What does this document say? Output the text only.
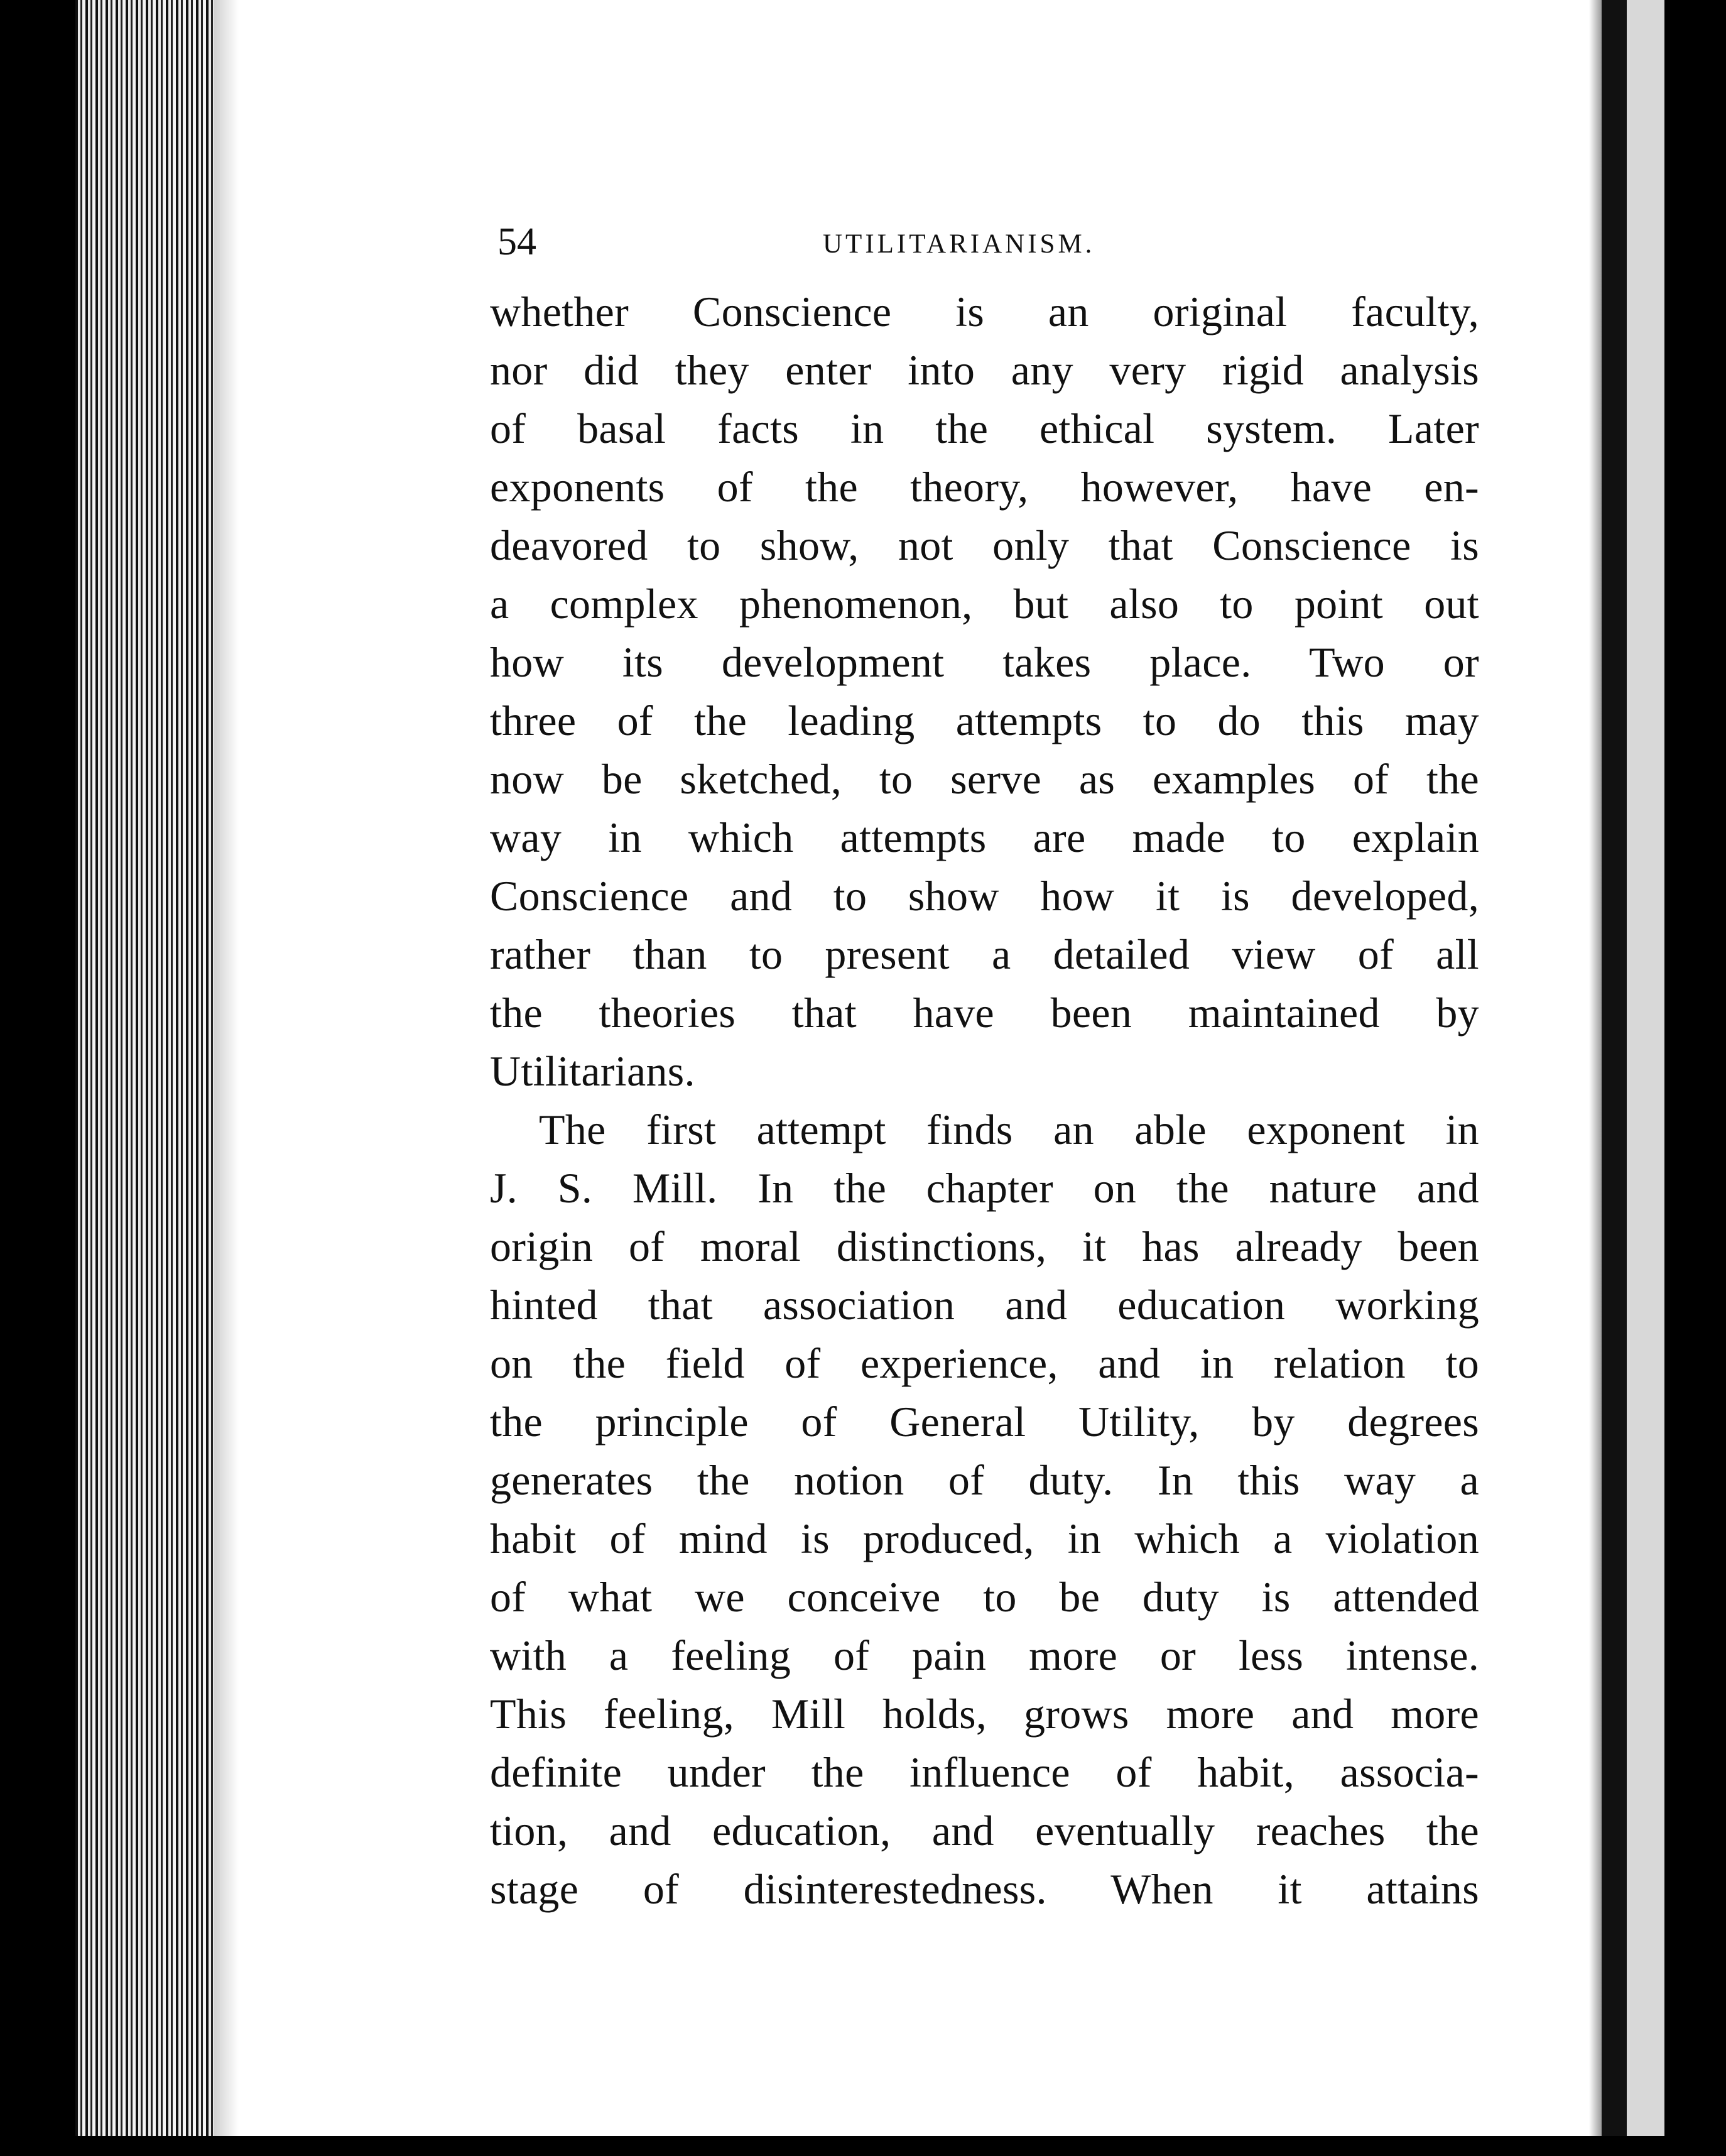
54	UTILITARIANISM.
whether Conscience is an original faculty,
nor did they enter into any very rigid analysis
of basal facts in the ethical system. Later
exponents of the theory, however, have en-
deavored to show, not only that Conscience is
a complex phenomenon, but also to point out
how its development takes place. Two or
three of the leading attempts to do this may
now be sketched, to serve as examples of the
way in which attempts are made to explain
Conscience and to show how it is developed,
rather than to present a detailed view of all
the theories that have been maintained by
Utilitarians.
The first attempt finds an able exponent in
J. S. Mill. In the chapter on the nature and
origin of moral distinctions, it has already been
hinted that association and education working
on the field of experience, and in relation to
the principle of General Utility, by degrees
generates the notion of duty. In this way a
habit of mind is produced, in which a violation
of what we conceive to be duty is attended
with a feeling of pain more or less intense.
This feeling, Mill holds, grows more and more
definite under the influence of habit, associa-
tion, and education, and eventually reaches the
stage of disinterestedness. When it attains
